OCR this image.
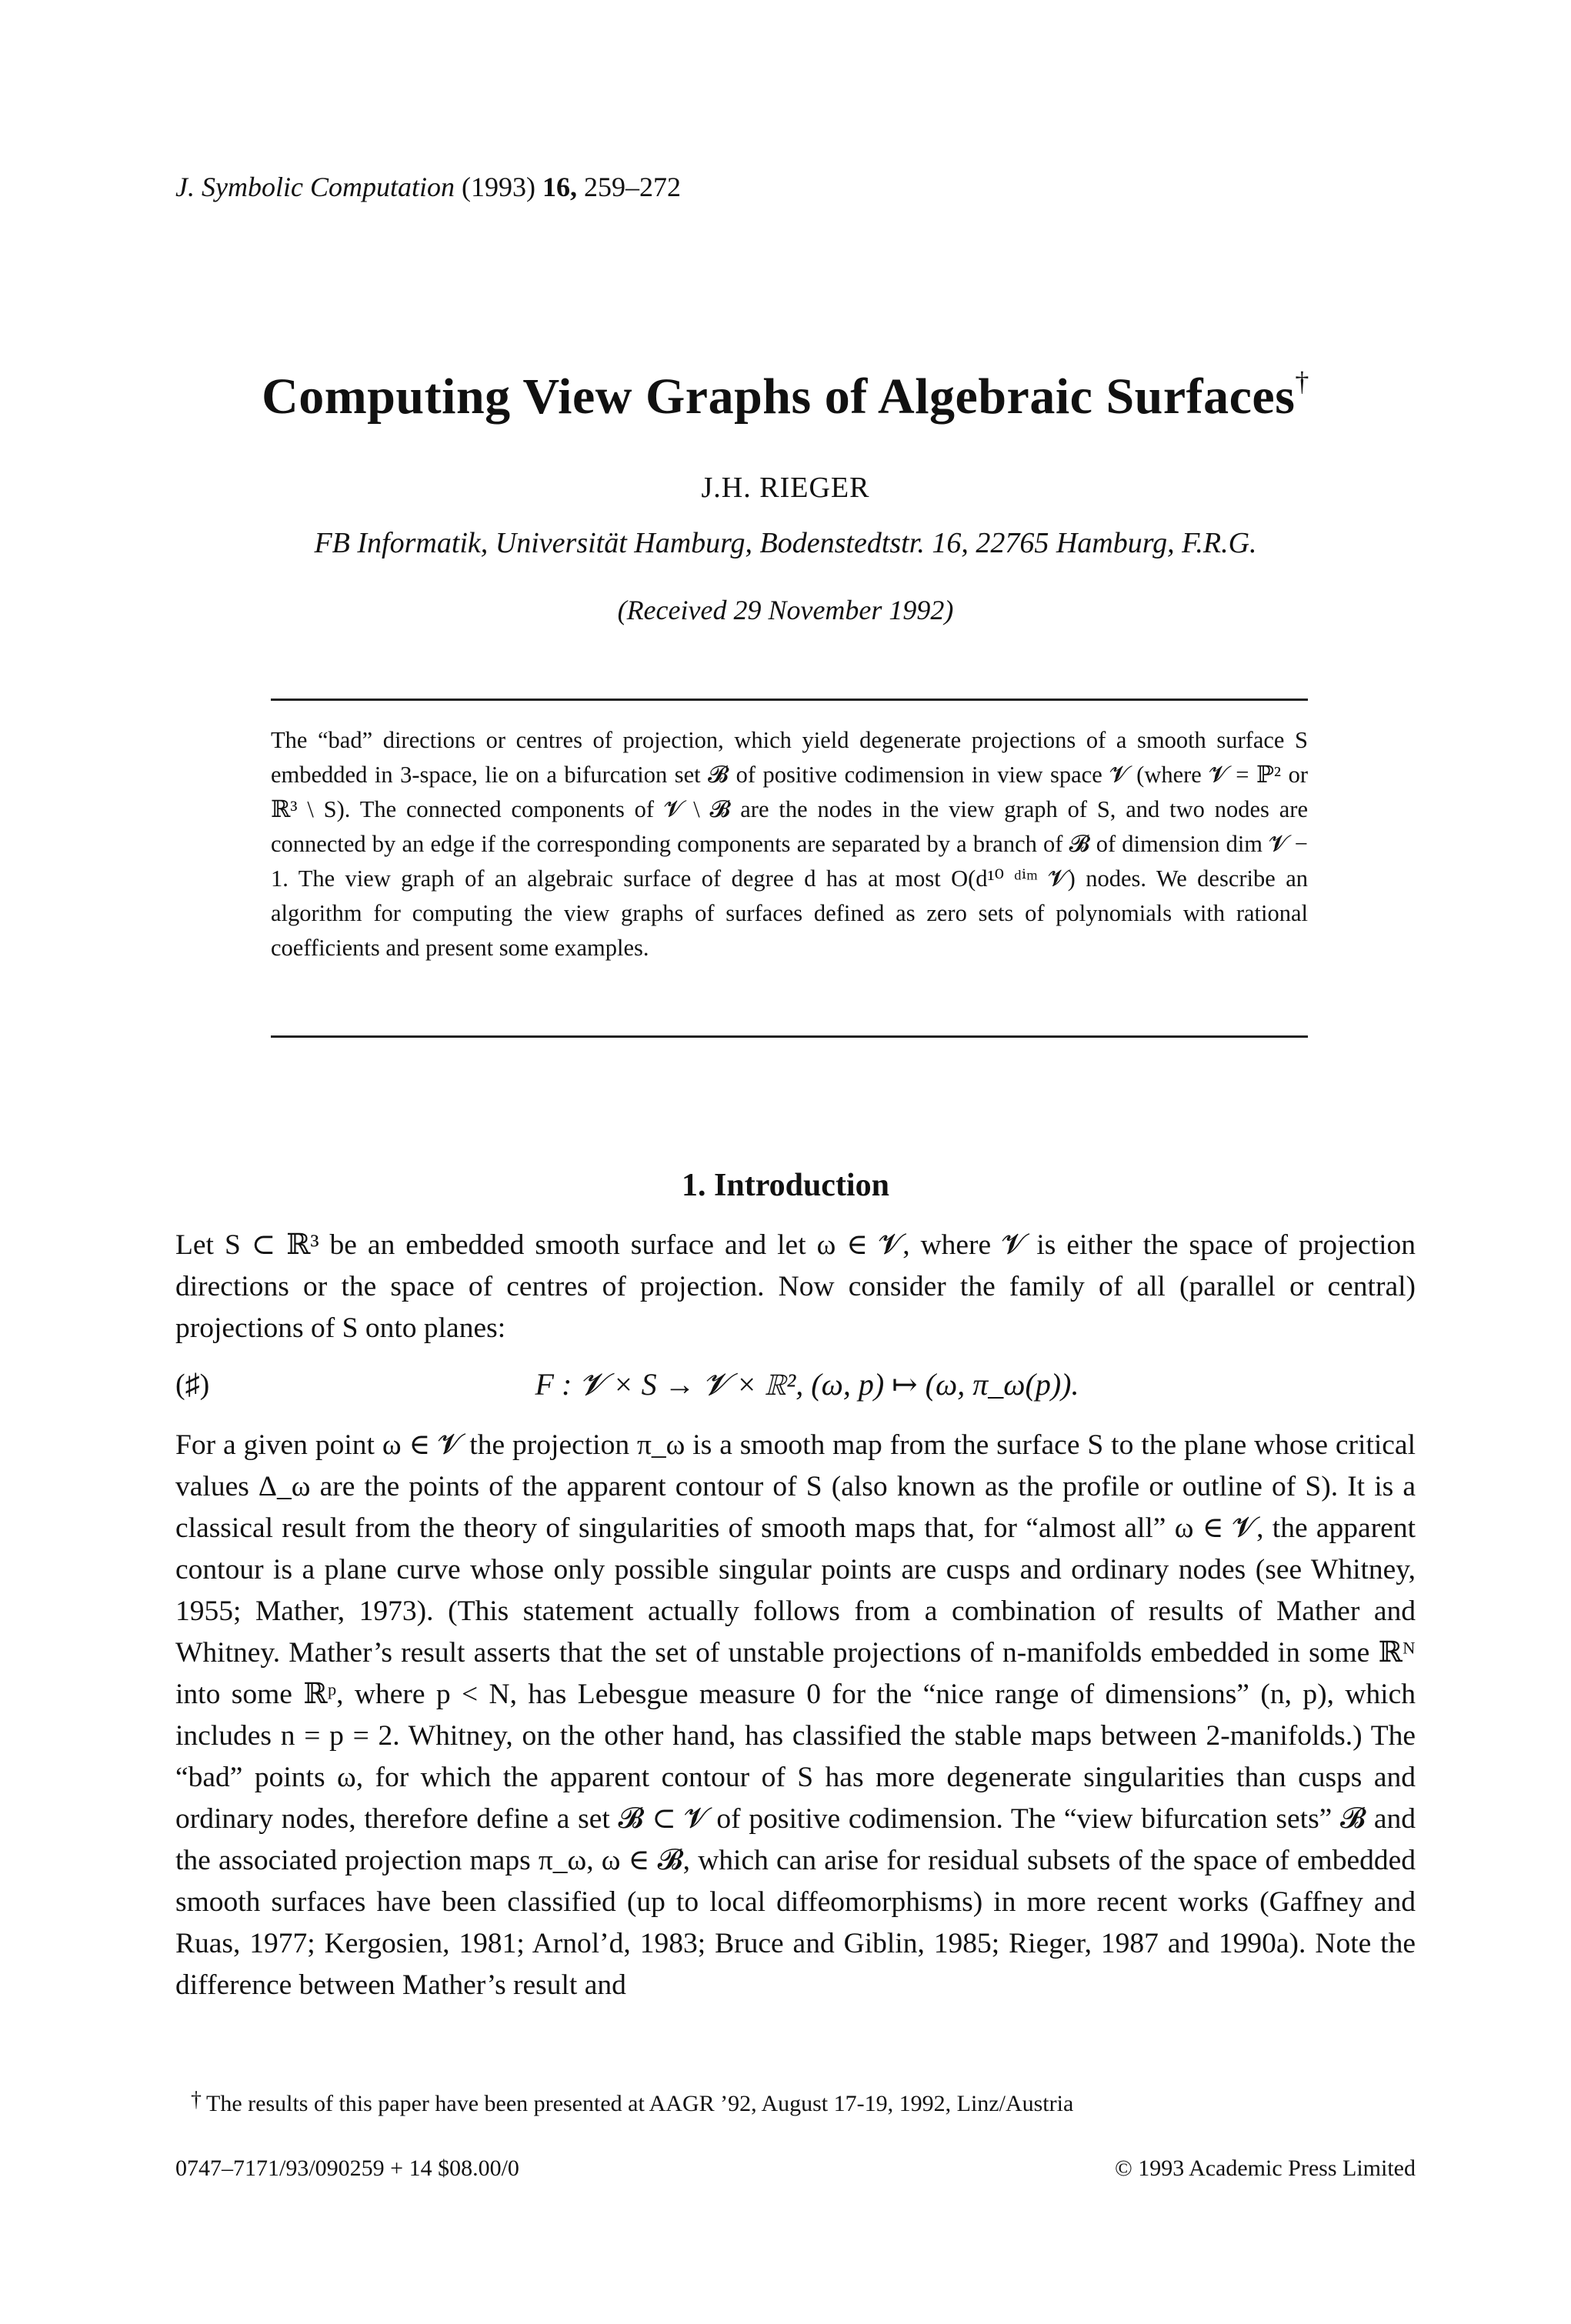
J. Symbolic Computation (1993) 16, 259–272
Computing View Graphs of Algebraic Surfaces†
J.H. RIEGER
FB Informatik, Universität Hamburg, Bodenstedtstr. 16, 22765 Hamburg, F.R.G.
(Received 29 November 1992)
The “bad” directions or centres of projection, which yield degenerate projections of a smooth surface S embedded in 3-space, lie on a bifurcation set 𝓑 of positive codimension in view space 𝓥 (where 𝓥 = ℙ² or ℝ³ \ S). The connected components of 𝓥 \ 𝓑 are the nodes in the view graph of S, and two nodes are connected by an edge if the corresponding components are separated by a branch of 𝓑 of dimension dim 𝓥 − 1. The view graph of an algebraic surface of degree d has at most O(d¹⁰ ᵈⁱᵐ 𝓥) nodes. We describe an algorithm for computing the view graphs of surfaces defined as zero sets of polynomials with rational coefficients and present some examples.
1. Introduction
Let S ⊂ ℝ³ be an embedded smooth surface and let ω ∈ 𝓥, where 𝓥 is either the space of projection directions or the space of centres of projection. Now consider the family of all (parallel or central) projections of S onto planes:
(♯)	F : 𝓥 × S → 𝓥 × ℝ², (ω, p) ↦ (ω, π_ω(p)).
For a given point ω ∈ 𝓥 the projection π_ω is a smooth map from the surface S to the plane whose critical values Δ_ω are the points of the apparent contour of S (also known as the profile or outline of S). It is a classical result from the theory of singularities of smooth maps that, for “almost all” ω ∈ 𝓥, the apparent contour is a plane curve whose only possible singular points are cusps and ordinary nodes (see Whitney, 1955; Mather, 1973). (This statement actually follows from a combination of results of Mather and Whitney. Mather’s result asserts that the set of unstable projections of n-manifolds embedded in some ℝᴺ into some ℝᵖ, where p < N, has Lebesgue measure 0 for the “nice range of dimensions” (n, p), which includes n = p = 2. Whitney, on the other hand, has classified the stable maps between 2-manifolds.) The “bad” points ω, for which the apparent contour of S has more degenerate singularities than cusps and ordinary nodes, therefore define a set 𝓑 ⊂ 𝓥 of positive codimension. The “view bifurcation sets” 𝓑 and the associated projection maps π_ω, ω ∈ 𝓑, which can arise for residual subsets of the space of embedded smooth surfaces have been classified (up to local diffeomorphisms) in more recent works (Gaffney and Ruas, 1977; Kergosien, 1981; Arnol’d, 1983; Bruce and Giblin, 1985; Rieger, 1987 and 1990a). Note the difference between Mather’s result and
† The results of this paper have been presented at AAGR ’92, August 17-19, 1992, Linz/Austria
0747–7171/93/090259 + 14 $08.00/0	© 1993 Academic Press Limited
